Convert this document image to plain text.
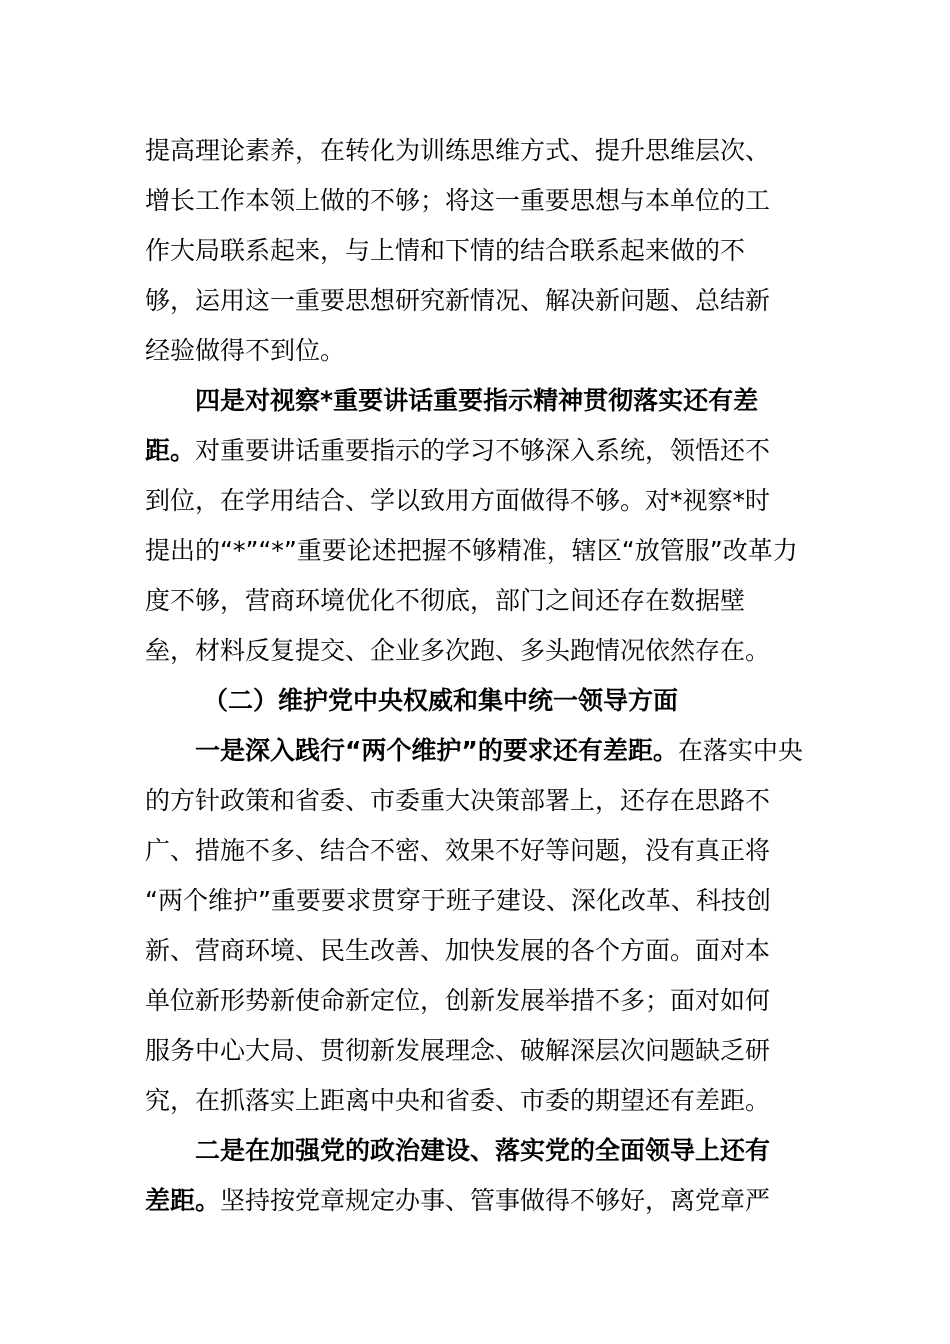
提高理论素养，在转化为训练思维方式、提升思维层次、
增长工作本领上做的不够；将这一重要思想与本单位的工
作大局联系起来，与上情和下情的结合联系起来做的不
够，运用这一重要思想研究新情况、解决新问题、总结新
经验做得不到位。
四是对视察*重要讲话重要指示精神贯彻落实还有差
距。对重要讲话重要指示的学习不够深入系统，领悟还不
到位，在学用结合、学以致用方面做得不够。对*视察*时
提出的“*”“*”重要论述把握不够精准，辖区“放管服”改革力
度不够，营商环境优化不彻底，部门之间还存在数据壁
垒，材料反复提交、企业多次跑、多头跑情况依然存在。
（二）维护党中央权威和集中统一领导方面
一是深入践行“两个维护”的要求还有差距。在落实中央
的方针政策和省委、市委重大决策部署上，还存在思路不
广、措施不多、结合不密、效果不好等问题，没有真正将
“两个维护”重要要求贯穿于班子建设、深化改革、科技创
新、营商环境、民生改善、加快发展的各个方面。面对本
单位新形势新使命新定位，创新发展举措不多；面对如何
服务中心大局、贯彻新发展理念、破解深层次问题缺乏研
究，在抓落实上距离中央和省委、市委的期望还有差距。
二是在加强党的政治建设、落实党的全面领导上还有
差距。坚持按党章规定办事、管事做得不够好，离党章严
